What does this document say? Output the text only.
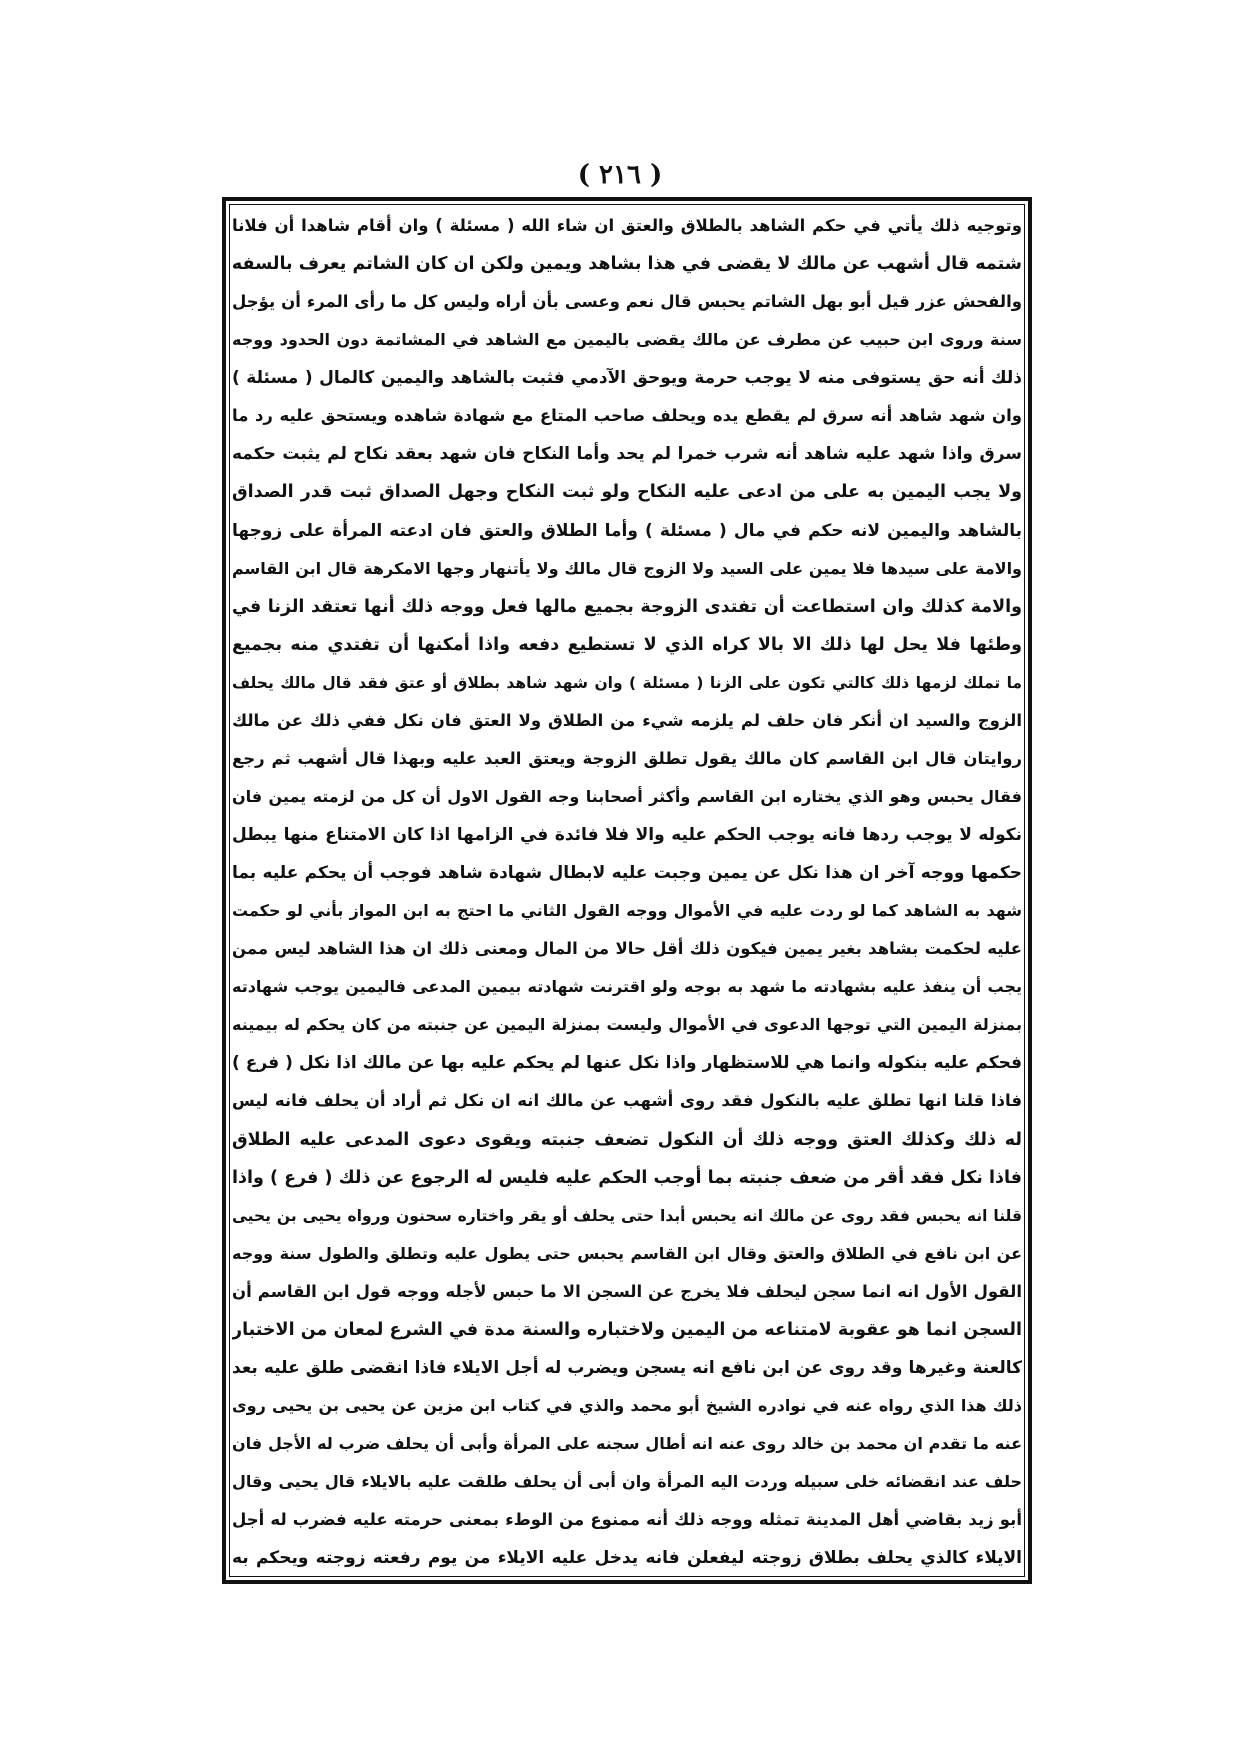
( ٢١٦ )
وتوجيه ذلك يأتي في حكم الشاهد بالطلاق والعتق ان شاء الله ( مسئلة ) وان أقام شاهدا أن فلانا
شتمه قال أشهب عن مالك لا يقضى في هذا بشاهد ويمين ولكن ان كان الشاتم يعرف بالسفه
والفحش عزر قيل أبو بهل الشاتم يحبس قال نعم وعسى بأن أراه وليس كل ما رأى المرء أن يؤجل
سنة وروى ابن حبيب عن مطرف عن مالك يقضى باليمين مع الشاهد في المشاتمة دون الحدود ووجه
ذلك أنه حق يستوفى منه لا يوجب حرمة ويوحق الآدمي فثبت بالشاهد واليمين كالمال ( مسئلة )
وان شهد شاهد أنه سرق لم يقطع يده ويحلف صاحب المتاع مع شهادة شاهده ويستحق عليه رد ما
سرق واذا شهد عليه شاهد أنه شرب خمرا لم يحد وأما النكاح فان شهد بعقد نكاح لم يثبت حكمه
ولا يجب اليمين به على من ادعى عليه النكاح ولو ثبت النكاح وجهل الصداق ثبت قدر الصداق
بالشاهد واليمين لانه حكم في مال ( مسئلة ) وأما الطلاق والعتق فان ادعته المرأة على زوجها
والامة على سيدها فلا يمين على السيد ولا الزوج قال مالك ولا يأتنهار وجها الامكرهة قال ابن القاسم
والامة كذلك وان استطاعت أن تفتدى الزوجة بجميع مالها فعل ووجه ذلك أنها تعتقد الزنا في
وطئها فلا يحل لها ذلك الا بالا كراه الذي لا تستطيع دفعه واذا أمكنها أن تفتدي منه بجميع
ما تملك لزمها ذلك كالتي تكون على الزنا ( مسئلة ) وان شهد شاهد بطلاق أو عتق فقد قال مالك يحلف
الزوج والسيد ان أنكر فان حلف لم يلزمه شيء من الطلاق ولا العتق فان نكل ففي ذلك عن مالك
روايتان قال ابن القاسم كان مالك يقول تطلق الزوجة ويعتق العبد عليه وبهذا قال أشهب ثم رجع
فقال يحبس وهو الذي يختاره ابن القاسم وأكثر أصحابنا وجه القول الاول أن كل من لزمته يمين فان
نكوله لا يوجب ردها فانه يوجب الحكم عليه والا فلا فائدة في الزامها اذا كان الامتناع منها يبطل
حكمها ووجه آخر ان هذا نكل عن يمين وجبت عليه لابطال شهادة شاهد فوجب أن يحكم عليه بما
شهد به الشاهد كما لو ردت عليه في الأموال ووجه القول الثاني ما احتج به ابن المواز بأني لو حكمت
عليه لحكمت بشاهد بغير يمين فيكون ذلك أقل حالا من المال ومعنى ذلك ان هذا الشاهد ليس ممن
يجب أن ينفذ عليه بشهادته ما شهد به بوجه ولو اقترنت شهادته بيمين المدعى فاليمين يوجب شهادته
بمنزلة اليمين التي توجها الدعوى في الأموال وليست بمنزلة اليمين عن جنبته من كان يحكم له بيمينه
فحكم عليه بنكوله وانما هي للاستظهار واذا نكل عنها لم يحكم عليه بها عن مالك اذا نكل ( فرع )
فاذا قلنا انها تطلق عليه بالنكول فقد روى أشهب عن مالك انه ان نكل ثم أراد أن يحلف فانه ليس
له ذلك وكذلك العتق ووجه ذلك أن النكول تضعف جنبته ويقوى دعوى المدعى عليه الطلاق
فاذا نكل فقد أقر من ضعف جنبته بما أوجب الحكم عليه فليس له الرجوع عن ذلك ( فرع ) واذا
قلنا انه يحبس فقد روى عن مالك انه يحبس أبدا حتى يحلف أو يقر واختاره سحنون ورواه يحيى بن يحيى
عن ابن نافع في الطلاق والعتق وقال ابن القاسم يحبس حتى يطول عليه وتطلق والطول سنة ووجه
القول الأول انه انما سجن ليحلف فلا يخرج عن السجن الا ما حبس لأجله ووجه قول ابن القاسم أن
السجن انما هو عقوبة لامتناعه من اليمين ولاختباره والسنة مدة في الشرع لمعان من الاختبار
كالعنة وغيرها وقد روى عن ابن نافع انه يسجن ويضرب له أجل الايلاء فاذا انقضى طلق عليه بعد
ذلك هذا الذي رواه عنه في نوادره الشيخ أبو محمد والذي في كتاب ابن مزين عن يحيى بن يحيى روى
عنه ما تقدم ان محمد بن خالد روى عنه انه أطال سجنه على المرأة وأبى أن يحلف ضرب له الأجل فان
حلف عند انقضائه خلى سبيله وردت اليه المرأة وان أبى أن يحلف طلقت عليه بالايلاء قال يحيى وقال
أبو زيد بقاضي أهل المدينة تمثله ووجه ذلك أنه ممنوع من الوطء بمعنى حرمته عليه فضرب له أجل
الايلاء كالذي يحلف بطلاق زوجته ليفعلن فانه يدخل عليه الايلاء من يوم رفعته زوجته ويحكم به
